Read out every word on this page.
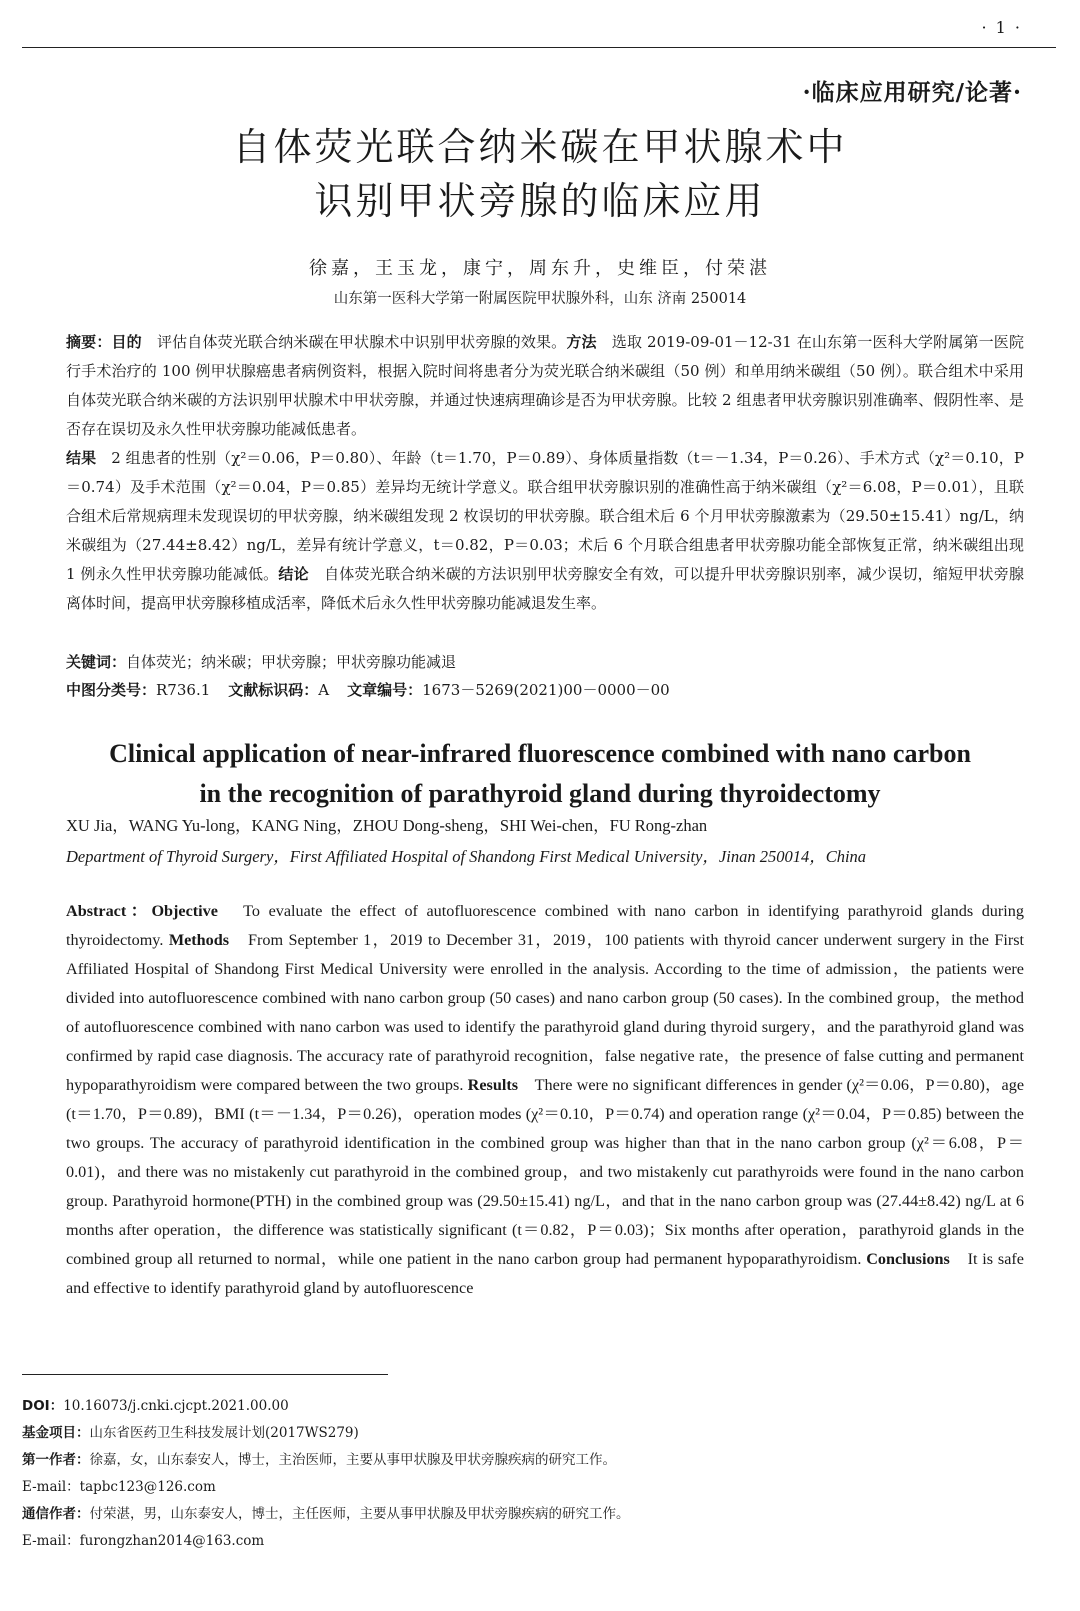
· 1 ·
·临床应用研究/论著·
自体荧光联合纳米碳在甲状腺术中
识别甲状旁腺的临床应用
徐嘉，王玉龙，康宁，周东升，史维臣，付荣湛
山东第一医科大学第一附属医院甲状腺外科，山东 济南 250014

摘要：目的　评估自体荧光联合纳米碳在甲状腺术中识别甲状旁腺的效果。方法　选取 2019-09-01－12-31 在山东第一医科大学附属第一医院行手术治疗的 100 例甲状腺癌患者病例资料，根据入院时间将患者分为荧光联合纳米碳组（50 例）和单用纳米碳组（50 例）。联合组术中采用自体荧光联合纳米碳的方法识别甲状腺术中甲状旁腺，并通过快速病理确诊是否为甲状旁腺。比较 2 组患者甲状旁腺识别准确率、假阴性率、是否存在误切及永久性甲状旁腺功能减低患者。

结果　2 组患者的性别（χ²＝0.06，P＝0.80）、年龄（t＝1.70，P＝0.89）、身体质量指数（t＝－1.34，P＝0.26）、手术方式（χ²＝0.10，P＝0.74）及手术范围（χ²＝0.04，P＝0.85）差异均无统计学意义。联合组甲状旁腺识别的准确性高于纳米碳组（χ²＝6.08，P＝0.01），且联合组术后常规病理未发现误切的甲状旁腺，纳米碳组发现 2 枚误切的甲状旁腺。联合组术后 6 个月甲状旁腺激素为（29.50±15.41）ng/L，纳米碳组为（27.44±8.42）ng/L，差异有统计学意义，t＝0.82，P＝0.03；术后 6 个月联合组患者甲状旁腺功能全部恢复正常，纳米碳组出现 1 例永久性甲状旁腺功能减低。结论　自体荧光联合纳米碳的方法识别甲状旁腺安全有效，可以提升甲状旁腺识别率，减少误切，缩短甲状旁腺离体时间，提高甲状旁腺移植成活率，降低术后永久性甲状旁腺功能减退发生率。

关键词：自体荧光；纳米碳；甲状旁腺；甲状旁腺功能减退
中图分类号：R736.1 文献标识码：A 文章编号：1673－5269(2021)00－0000－00
Clinical application of near-infrared fluorescence combined with nano carbon
in the recognition of parathyroid gland during thyroidectomy
XU Jia，WANG Yu-long，KANG Ning，ZHOU Dong-sheng，SHI Wei-chen，FU Rong-zhan
Department of Thyroid Surgery，First Affiliated Hospital of Shandong First Medical University，Jinan 250014，China
Abstract：Objective　To evaluate the effect of autofluorescence combined with nano carbon in identifying parathyroid glands during thyroidectomy. Methods　From September 1，2019 to December 31，2019，100 patients with thyroid cancer underwent surgery in the First Affiliated Hospital of Shandong First Medical University were enrolled in the analysis. According to the time of admission，the patients were divided into autofluorescence combined with nano carbon group (50 cases) and nano carbon group (50 cases). In the combined group，the method of autofluorescence combined with nano carbon was used to identify the parathyroid gland during thyroid surgery，and the parathyroid gland was confirmed by rapid case diagnosis. The accuracy rate of parathyroid recognition，false negative rate，the presence of false cutting and permanent hypoparathyroidism were compared between the two groups. Results　There were no significant differences in gender (χ²＝0.06，P＝0.80)，age (t＝1.70，P＝0.89)，BMI (t＝－1.34，P＝0.26)，operation modes (χ²＝0.10，P＝0.74) and operation range (χ²＝0.04，P＝0.85) between the two groups. The accuracy of parathyroid identification in the combined group was higher than that in the nano carbon group (χ²＝6.08，P＝0.01)，and there was no mistakenly cut parathyroid in the combined group，and two mistakenly cut parathyroids were found in the nano carbon group. Parathyroid hormone(PTH) in the combined group was (29.50±15.41) ng/L，and that in the nano carbon group was (27.44±8.42) ng/L at 6 months after operation，the difference was statistically significant (t＝0.82，P＝0.03)；Six months after operation，parathyroid glands in the combined group all returned to normal，while one patient in the nano carbon group had permanent hypoparathyroidism. Conclusions　It is safe and effective to identify parathyroid gland by autofluorescence
DOI：10.16073/j.cnki.cjcpt.2021.00.00
基金项目：山东省医药卫生科技发展计划(2017WS279)
第一作者：徐嘉，女，山东泰安人，博士，主治医师，主要从事甲状腺及甲状旁腺疾病的研究工作。
E-mail：tapbc123@126.com
通信作者：付荣湛，男，山东泰安人，博士，主任医师，主要从事甲状腺及甲状旁腺疾病的研究工作。
E-mail：furongzhan2014@163.com
